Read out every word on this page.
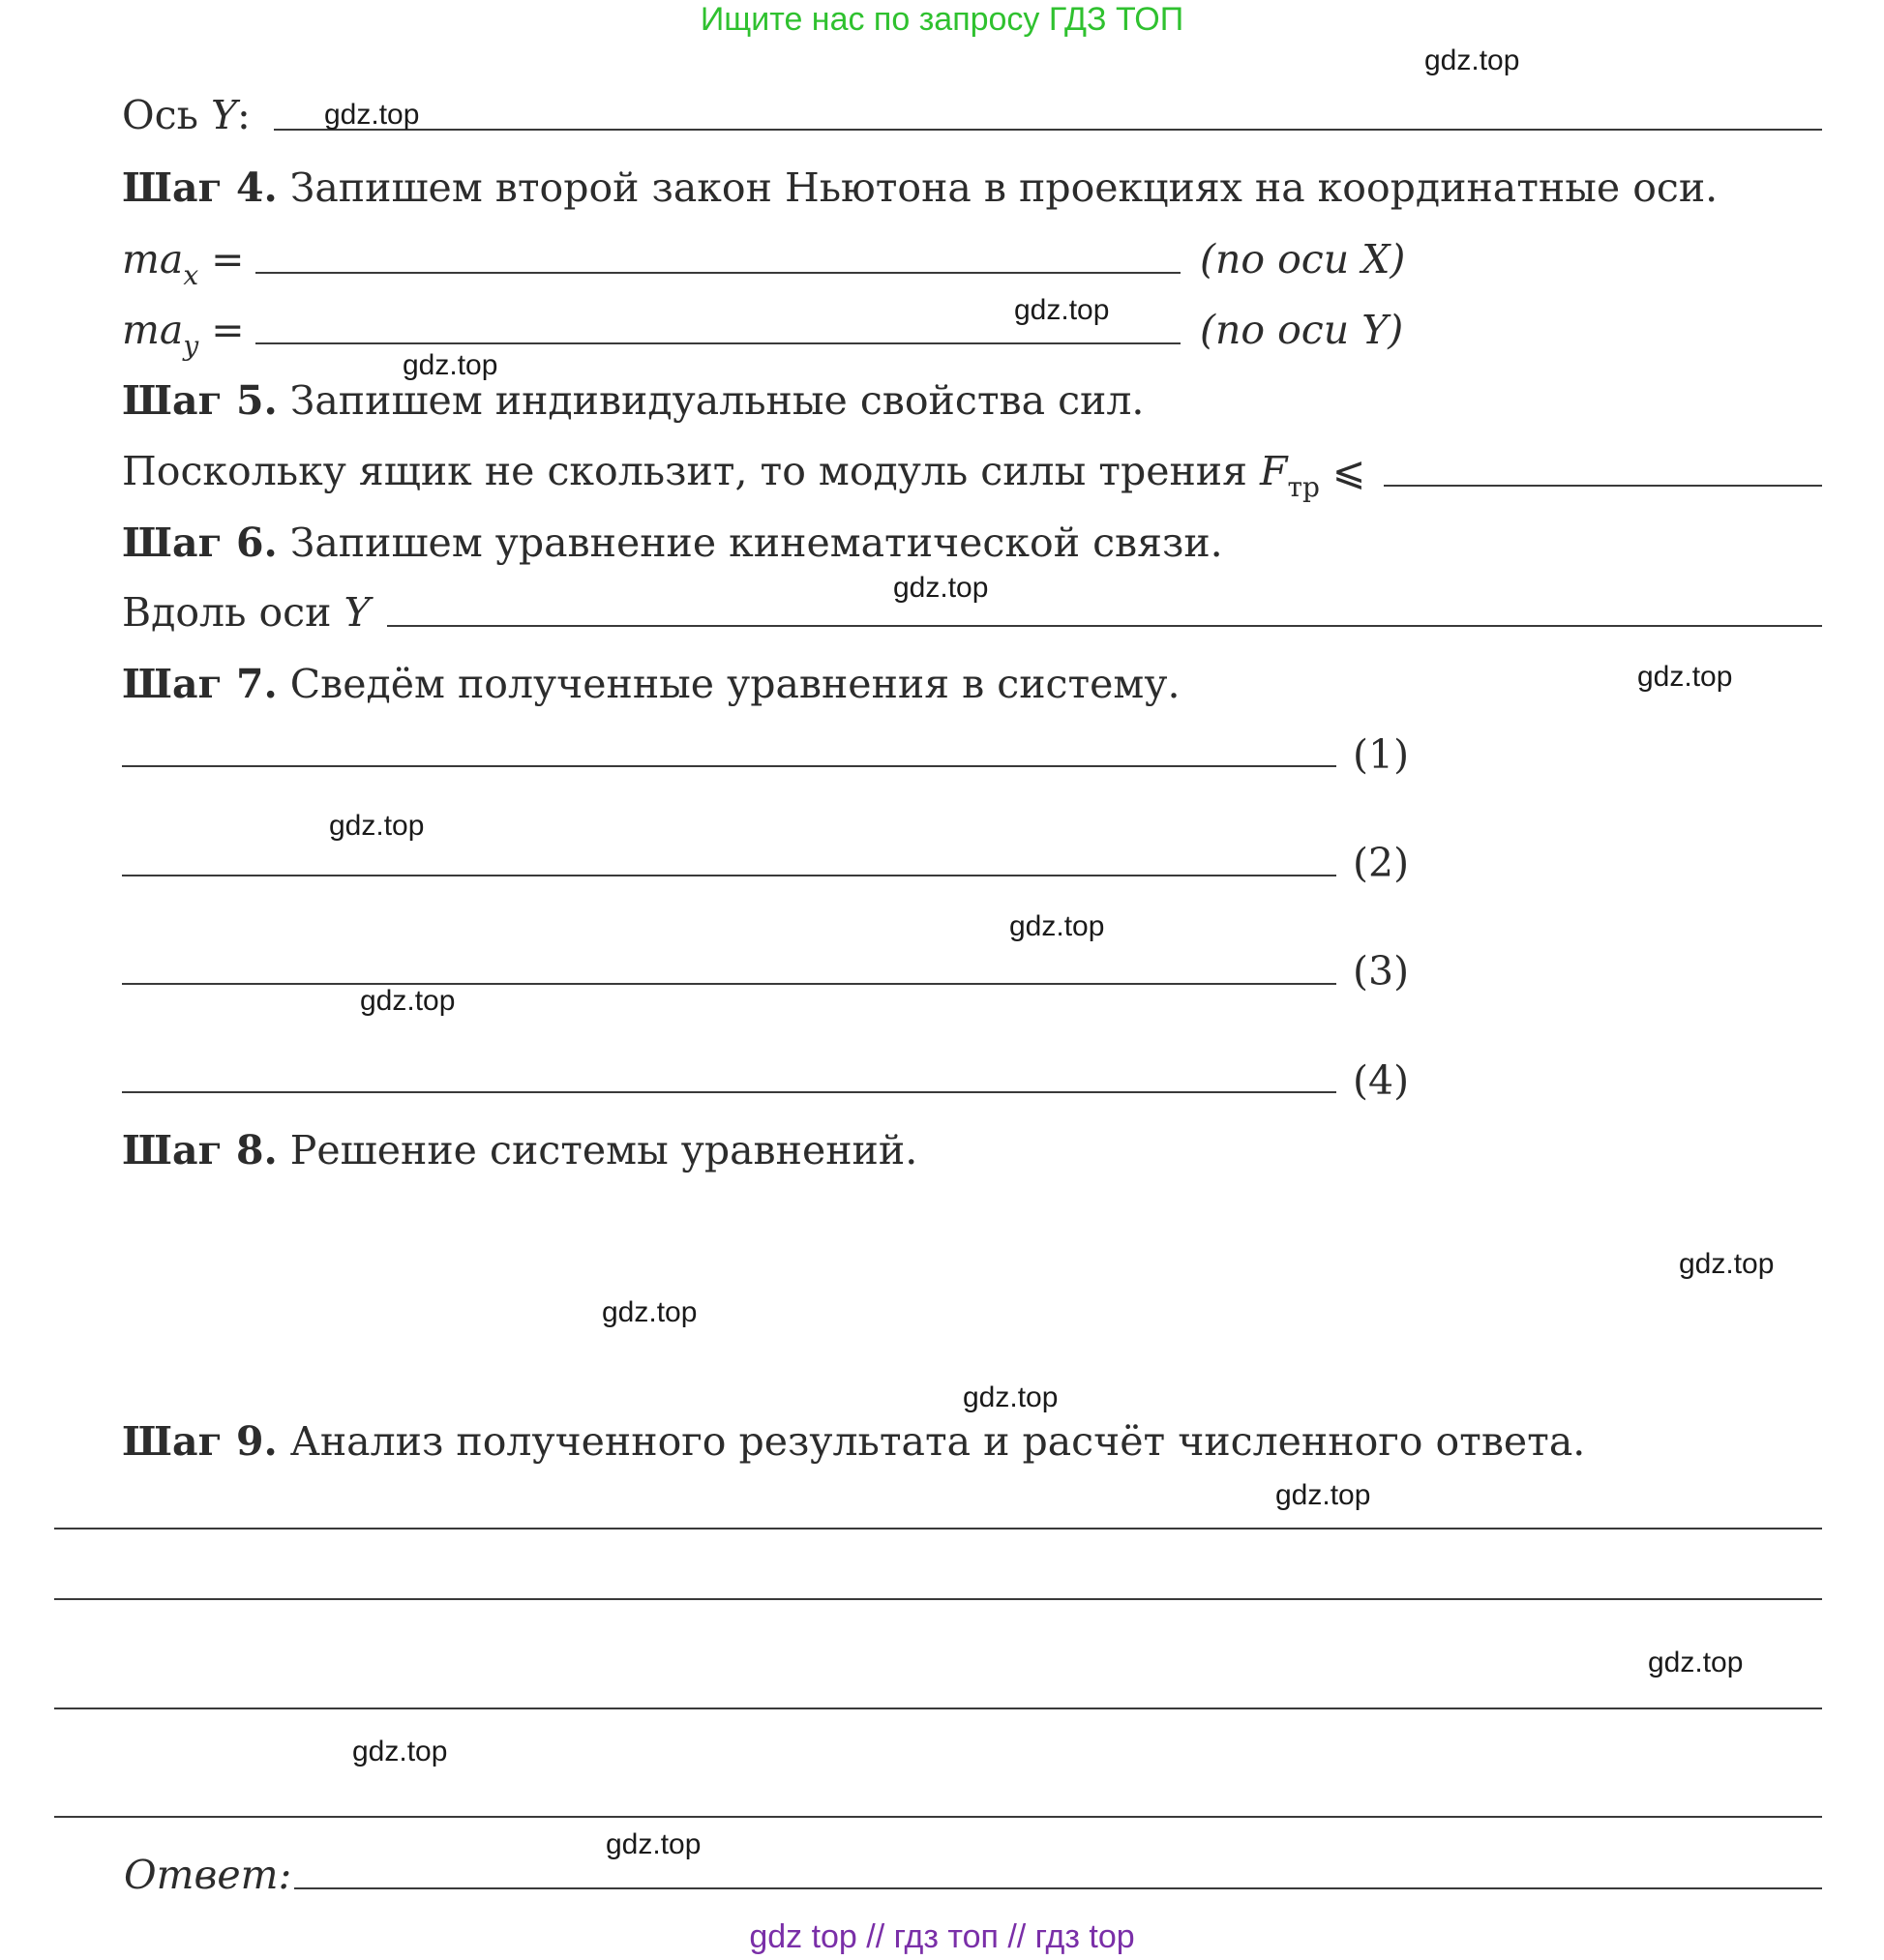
Ищите нас по запросу ГДЗ ТОП
gdz top // гдз топ // гдз top
Ось Y:
Шаг 4. Запишем второй закон Ньютона в проекциях на координатные оси.
$ma_x$ =	(по оси X)
$ma_y$ =	(по оси Y)
Шаг 5. Запишем индивидуальные свойства сил.
Поскольку ящик не скользит, то модуль силы трения $F_{тр}$ ⩽
Шаг 6. Запишем уравнение кинематической связи.
Вдоль оси Y
Шаг 7. Сведём полученные уравнения в систему.
(1)
(2)
(3)
(4)
Шаг 8. Решение системы уравнений.
Шаг 9. Анализ полученного результата и расчёт численного ответа.
Ответ:
gdz.top
gdz.top
gdz.top
gdz.top
gdz.top
gdz.top
gdz.top
gdz.top
gdz.top
gdz.top
gdz.top
gdz.top
gdz.top
gdz.top
gdz.top
gdz.top
